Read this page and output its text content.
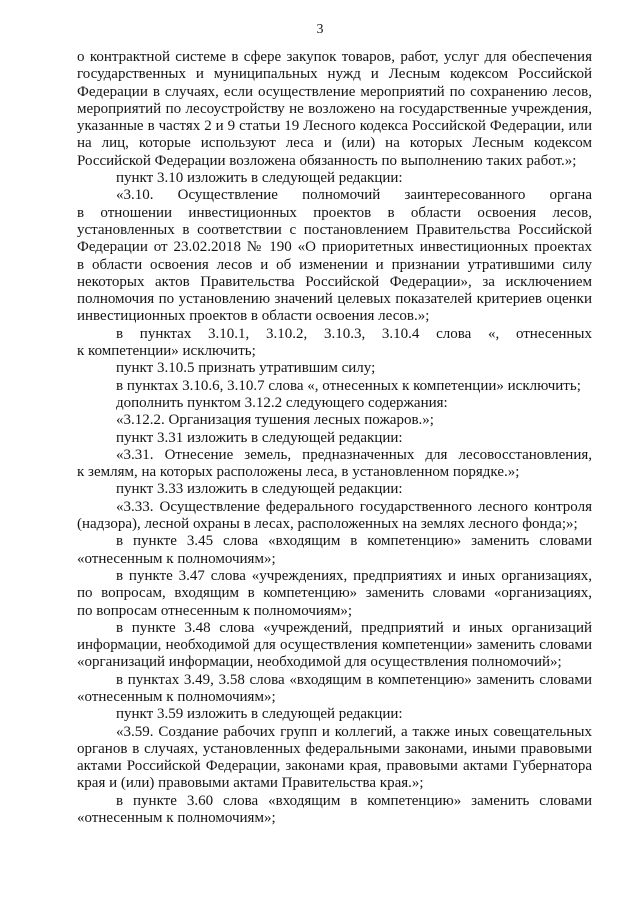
3
о контрактной системе в сфере закупок товаров, работ, услуг для обеспечения
государственных и муниципальных нужд и Лесным кодексом Российской
Федерации в случаях, если осуществление мероприятий по сохранению лесов,
мероприятий по лесоустройству не возложено на государственные учреждения,
указанные в частях 2 и 9 статьи 19 Лесного кодекса Российской Федерации, или
на лиц, которые используют леса и (или) на которых Лесным кодексом
Российской Федерации возложена обязанность по выполнению таких работ.»;
пункт 3.10 изложить в следующей редакции:
«3.10. Осуществление полномочий заинтересованного органа
в отношении инвестиционных проектов в области освоения лесов,
установленных в соответствии с постановлением Правительства Российской
Федерации от 23.02.2018 № 190 «О приоритетных инвестиционных проектах
в области освоения лесов и об изменении и признании утратившими силу
некоторых актов Правительства Российской Федерации», за исключением
полномочия по установлению значений целевых показателей критериев оценки
инвестиционных проектов в области освоения лесов.»;
в пунктах 3.10.1, 3.10.2, 3.10.3, 3.10.4 слова «, отнесенных
к компетенции» исключить;
пункт 3.10.5 признать утратившим силу;
в пунктах 3.10.6, 3.10.7 слова «, отнесенных к компетенции» исключить;
дополнить пунктом 3.12.2 следующего содержания:
«3.12.2. Организация тушения лесных пожаров.»;
пункт 3.31 изложить в следующей редакции:
«3.31. Отнесение земель, предназначенных для лесовосстановления,
к землям, на которых расположены леса, в установленном порядке.»;
пункт 3.33 изложить в следующей редакции:
«3.33. Осуществление федерального государственного лесного контроля
(надзора), лесной охраны в лесах, расположенных на землях лесного фонда;»;
в пункте 3.45 слова «входящим в компетенцию» заменить словами
«отнесенным к полномочиям»;
в пункте 3.47 слова «учреждениях, предприятиях и иных организациях,
по вопросам, входящим в компетенцию» заменить словами «организациях,
по вопросам отнесенным к полномочиям»;
в пункте 3.48 слова «учреждений, предприятий и иных организаций
информации, необходимой для осуществления компетенции» заменить словами
«организаций информации, необходимой для осуществления полномочий»;
в пунктах 3.49, 3.58 слова «входящим в компетенцию» заменить словами
«отнесенным к полномочиям»;
пункт 3.59 изложить в следующей редакции:
«3.59. Создание рабочих групп и коллегий, а также иных совещательных
органов в случаях, установленных федеральными законами, иными правовыми
актами Российской Федерации, законами края, правовыми актами Губернатора
края и (или) правовыми актами Правительства края.»;
в пункте 3.60 слова «входящим в компетенцию» заменить словами
«отнесенным к полномочиям»;
